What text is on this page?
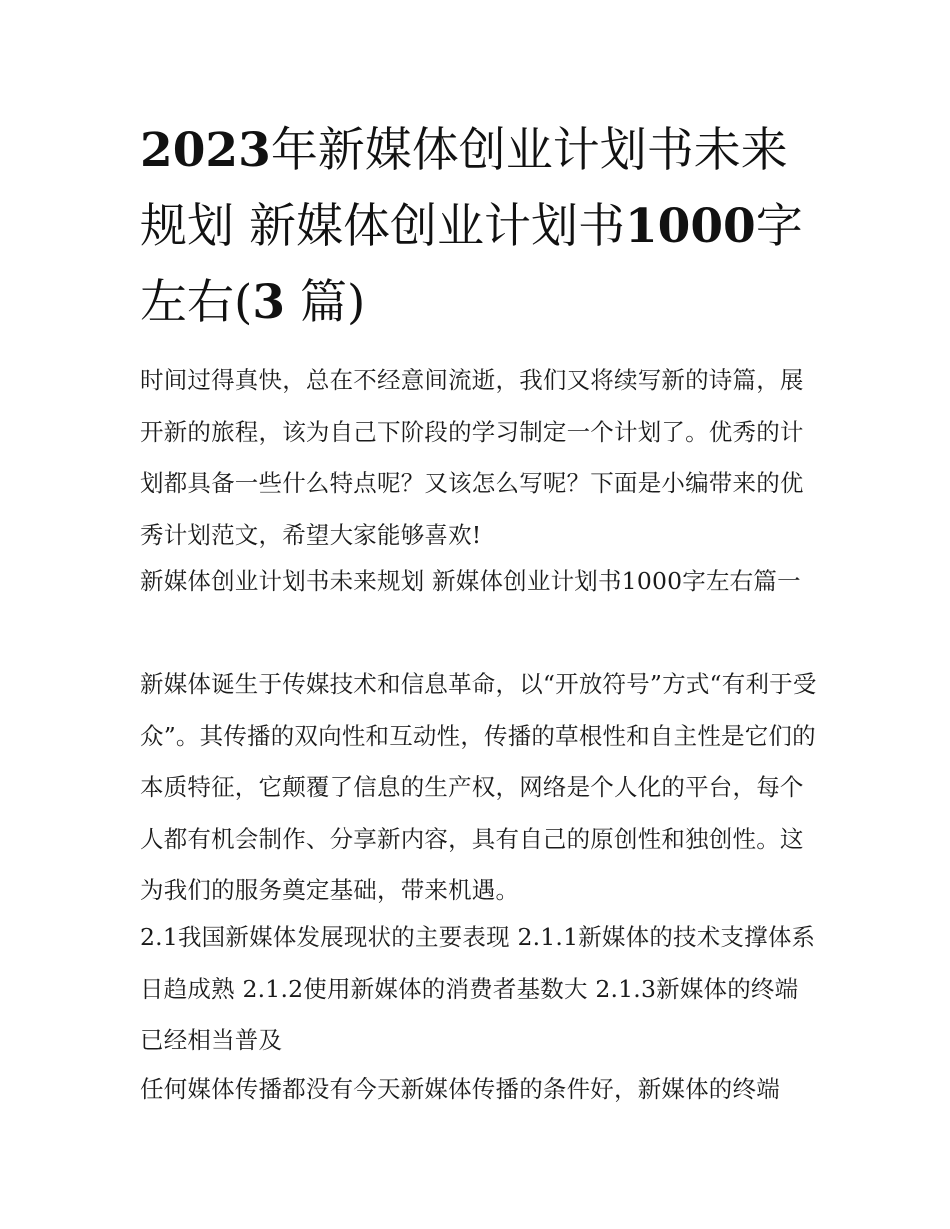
2023年新媒体创业计划书未来规划 新媒体创业计划书1000字左右(3 篇)

时间过得真快，总在不经意间流逝，我们又将续写新的诗篇，展开新的旅程，该为自己下阶段的学习制定一个计划了。优秀的计划都具备一些什么特点呢？又该怎么写呢？下面是小编带来的优秀计划范文，希望大家能够喜欢!

新媒体创业计划书未来规划 新媒体创业计划书1000字左右篇一

新媒体诞生于传媒技术和信息革命，以“开放符号”方式“有利于受众”。其传播的双向性和互动性，传播的草根性和自主性是它们的本质特征，它颠覆了信息的生产权，网络是个人化的平台，每个人都有机会制作、分享新内容，具有自己的原创性和独创性。这为我们的服务奠定基础，带来机遇。

2.1我国新媒体发展现状的主要表现 2.1.1新媒体的技术支撑体系日趋成熟 2.1.2使用新媒体的消费者基数大 2.1.3新媒体的终端已经相当普及

任何媒体传播都没有今天新媒体传播的条件好，新媒体的终端
